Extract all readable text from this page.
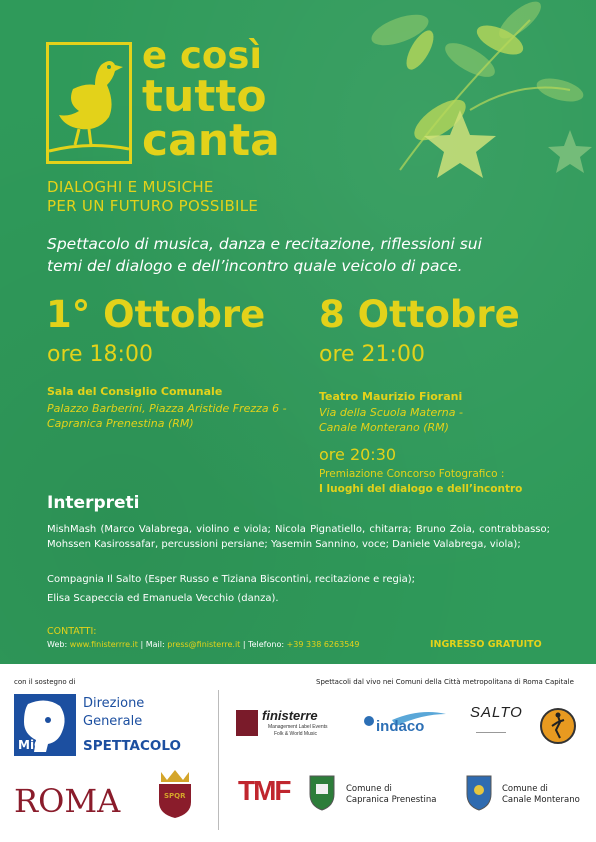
e così
tutto
canta
DIALOGHI E MUSICHE
PER UN FUTURO POSSIBILE
Spettacolo di musica, danza e recitazione, riflessioni sui
temi del dialogo e dell’incontro quale veicolo di pace.
1° Ottobre
ore 18:00
Sala del Consiglio Comunale
Palazzo Barberini, Piazza Aristide Frezza 6 -
Capranica Prenestina (RM)
8 Ottobre
ore 21:00
Teatro Maurizio Fiorani
Via della Scuola Materna -
Canale Monterano (RM)
ore 20:30
Premiazione Concorso Fotografico :
I luoghi del dialogo e dell’incontro
Interpreti
MishMash (Marco Valabrega, violino e viola; Nicola Pignatiello, chitarra; Bruno Zoia, contrabbasso; Mohssen Kasirossafar, percussioni persiane; Yasemin Sannino, voce; Daniele Valabrega, viola);
Compagnia Il Salto (Esper Russo e Tiziana Biscontini, recitazione e regia);
Elisa Scapeccia ed Emanuela Vecchio (danza).
CONTATTI:
Web: www.finisterrre.it | Mail: press@finisterre.it | Telefono: +39 338 6263549	INGRESSO GRATUITO
con il sostegno di	Spettacoli dal vivo nei Comuni della Città metropolitana di Roma Capitale
MiC
Direzione
Generale
SPETTACOLO
ROMA	SPQR
finisterre
Management Label Events
Folk & World Music	indaco
SALTO
TMF	Comune di
Capranica Prenestina
Comune di
Canale Monterano
